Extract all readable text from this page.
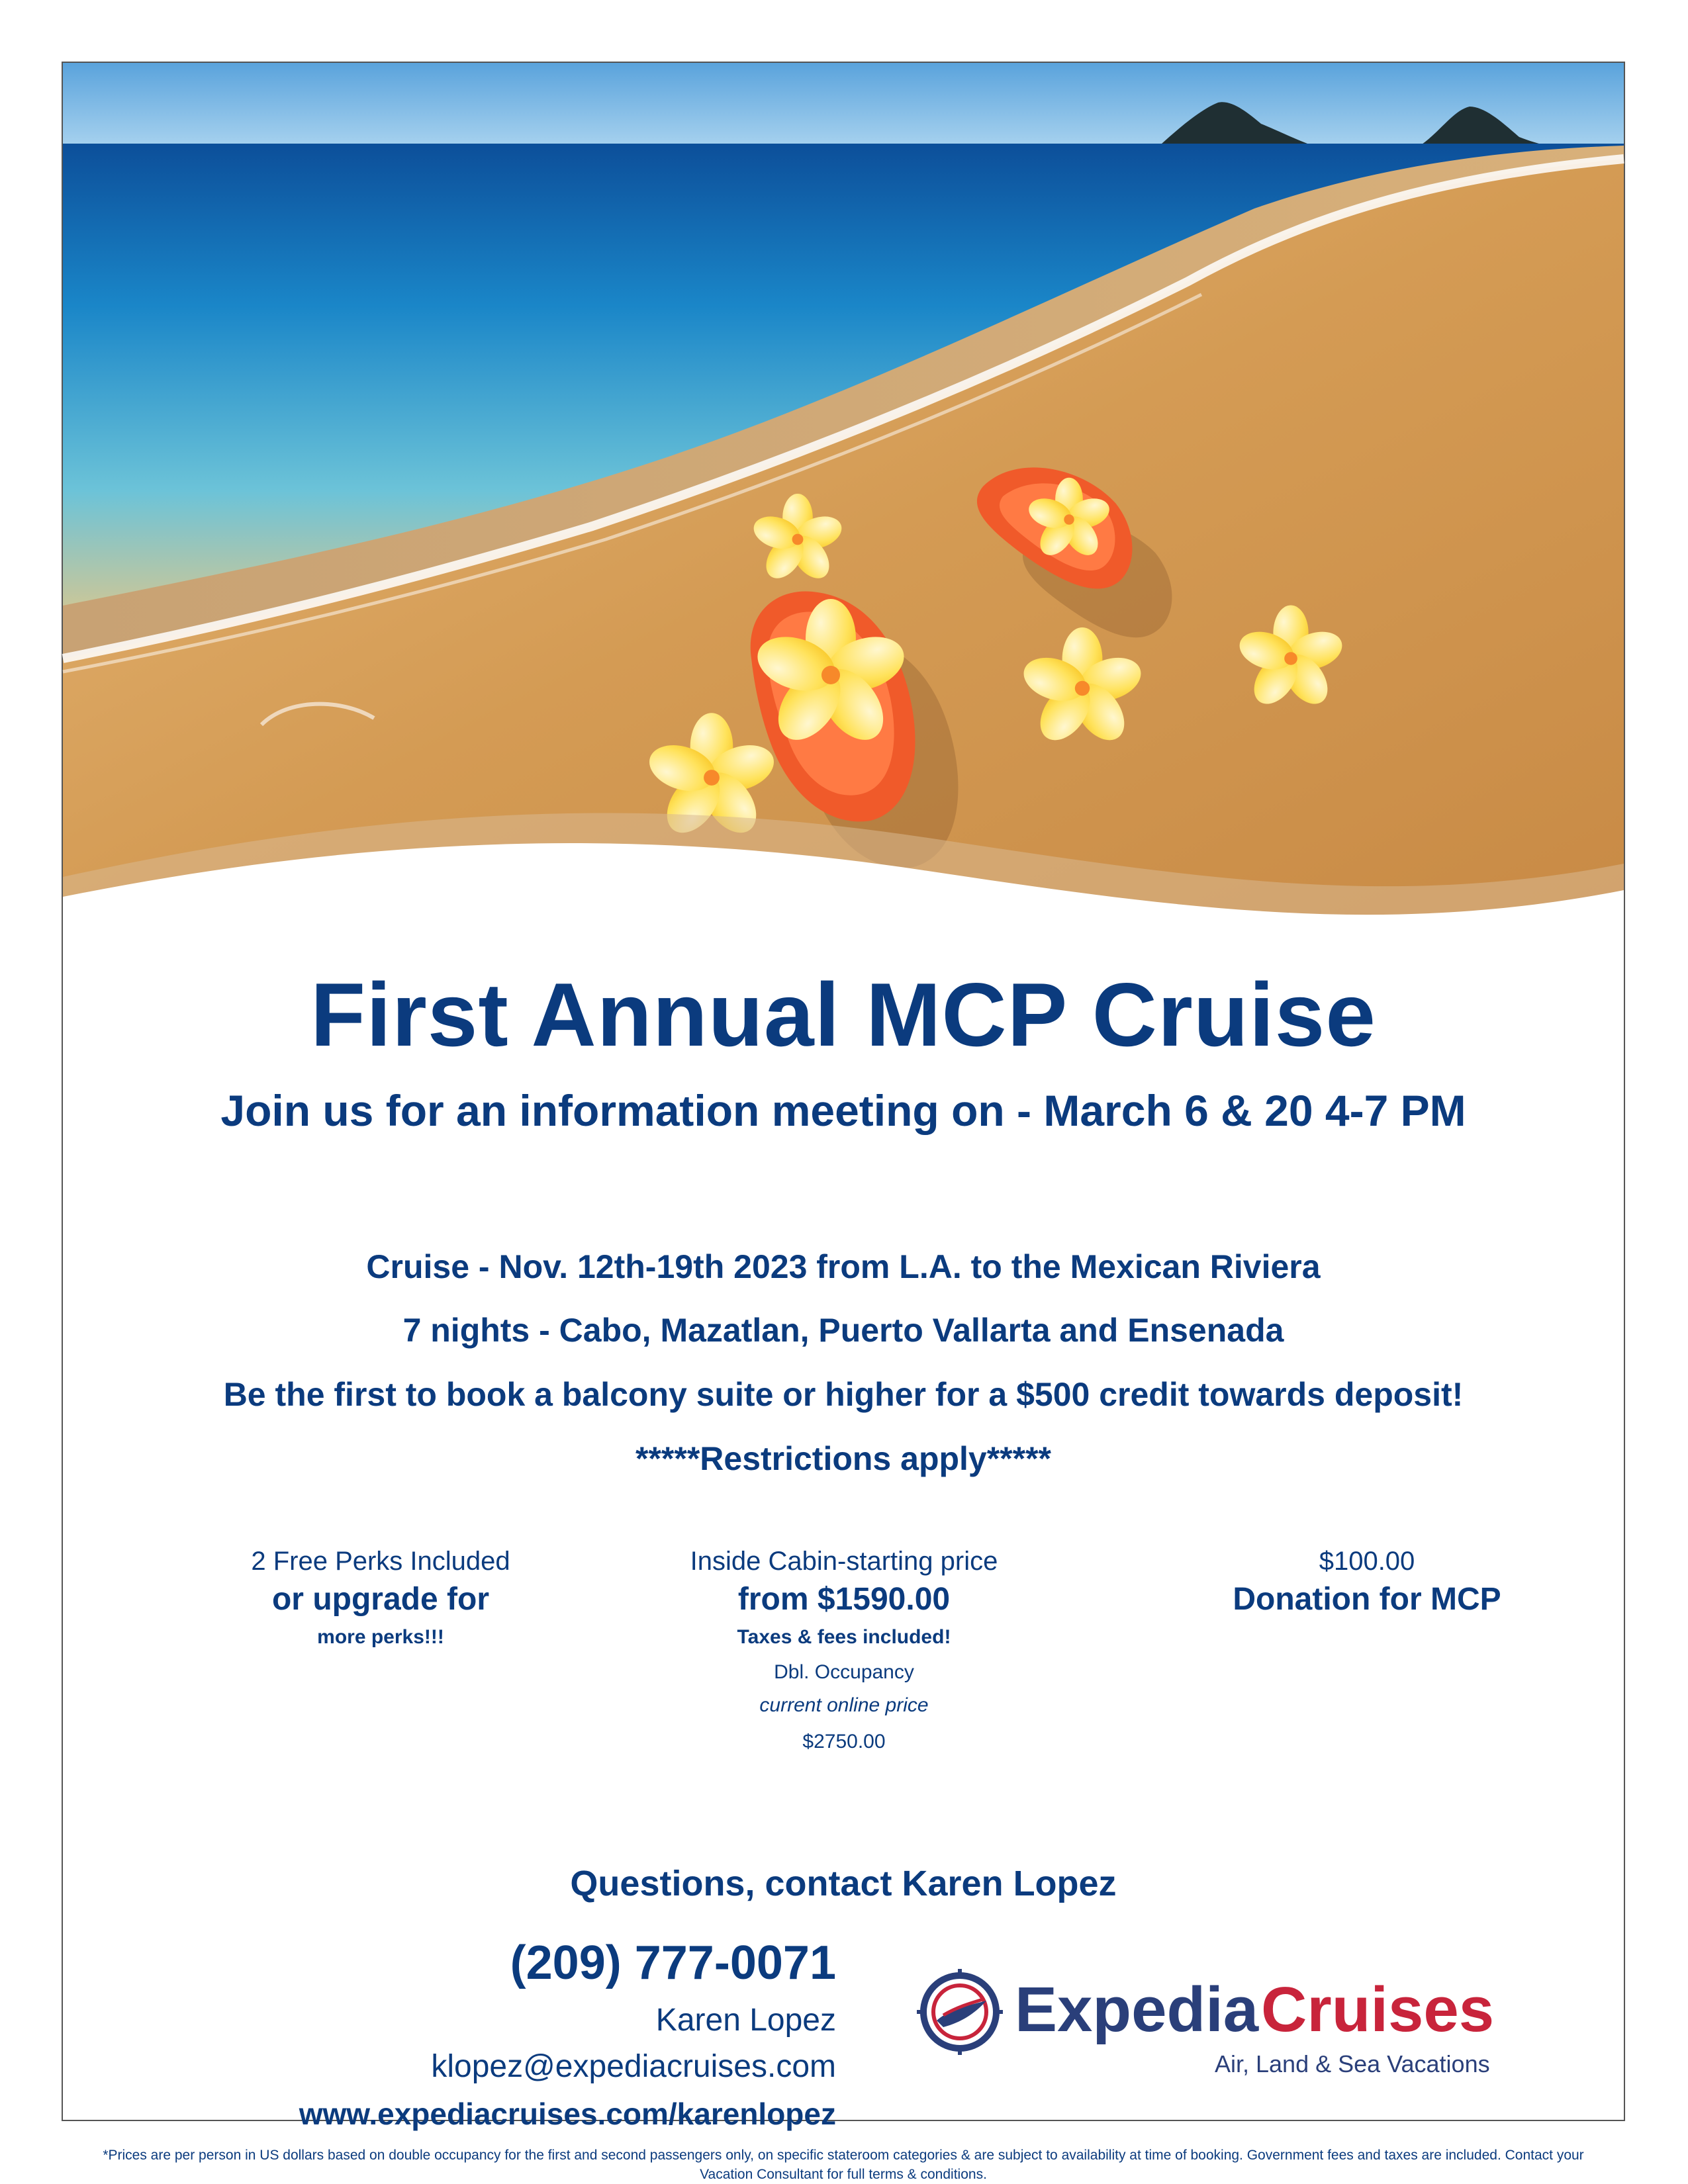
First Annual MCP Cruise
Join us for an information meeting on - March 6 & 20 4-7 PM
Cruise - Nov. 12th-19th 2023 from L.A. to the Mexican Riviera
7 nights - Cabo, Mazatlan, Puerto Vallarta and Ensenada
Be the first to book a balcony suite or higher for a $500 credit towards deposit!
*****Restrictions apply*****
2 Free Perks Included
or upgrade for
more perks!!!
Inside Cabin-starting price
from $1590.00
Taxes & fees included!
Dbl. Occupancy
current online price
$2750.00
$100.00
Donation for MCP
Questions, contact Karen Lopez
(209) 777-0071
Karen Lopez
klopez@expediacruises.com
www.expediacruises.com/karenlopez
Expedia Cruises
Air, Land & Sea Vacations
*Prices are per person in US dollars based on double occupancy for the first and second passengers only, on specific stateroom categories & are subject to availability at time of booking. Government fees and taxes are included. Contact your Vacation Consultant for full terms & conditions.
